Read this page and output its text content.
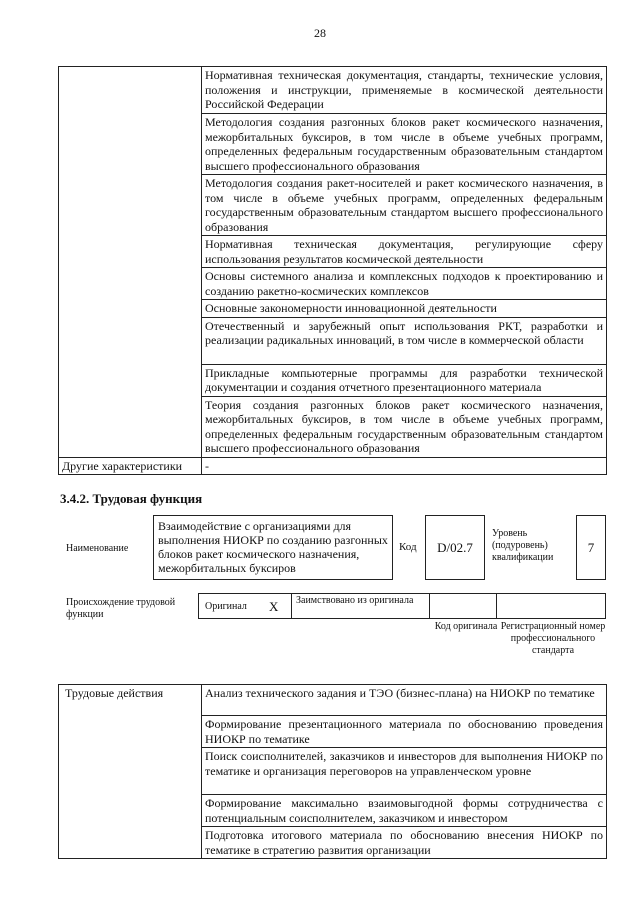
28
	Нормативная техническая документация, стандарты, технические условия, положения и инструкции, применяемые в космической деятельности Российской Федерации
	Методология создания разгонных блоков ракет космического назначения, межорбитальных буксиров, в том числе в объеме учебных программ, определенных федеральным государственным образовательным стандартом высшего профессионального образования
	Методология создания ракет-носителей и ракет космического назначения, в том числе в объеме учебных программ, определенных федеральным государственным образовательным стандартом высшего профессионального образования
	Нормативная техническая документация, регулирующие сферу использования результатов космической деятельности
	Основы системного анализа и комплексных подходов к проектированию и созданию ракетно-космических комплексов
	Основные закономерности инновационной деятельности
	Отечественный и зарубежный опыт использования РКТ, разработки и реализации радикальных инноваций, в том числе в коммерческой области
	Прикладные компьютерные программы для разработки технической документации и создания отчетного презентационного материала
	Теория создания разгонных блоков ракет космического назначения, межорбитальных буксиров, в том числе в объеме учебных программ, определенных федеральным государственным образовательным стандартом высшего профессионального образования
Другие характеристики	-
3.4.2. Трудовая функция
Наименование
Взаимодействие с организациями для выполнения НИОКР по созданию разгонных блоков ракет космического назначения, межорбитальных буксиров
Код	D/02.7
Уровень (подуровень) квалификации
7
Происхождение трудовой функции
Оригинал X Заимствовано из оригинала
Код оригинала Регистрационный номер профессионального стандарта
Трудовые действия	Анализ технического задания и ТЭО (бизнес-плана) на НИОКР по тематике
Формирование презентационного материала по обоснованию проведения НИОКР по тематике
Поиск соисполнителей, заказчиков и инвесторов для выполнения НИОКР по тематике и организация переговоров на управленческом уровне
Формирование максимально взаимовыгодной формы сотрудничества с потенциальным соисполнителем, заказчиком и инвестором
Подготовка итогового материала по обоснованию внесения НИОКР по тематике в стратегию развития организации
